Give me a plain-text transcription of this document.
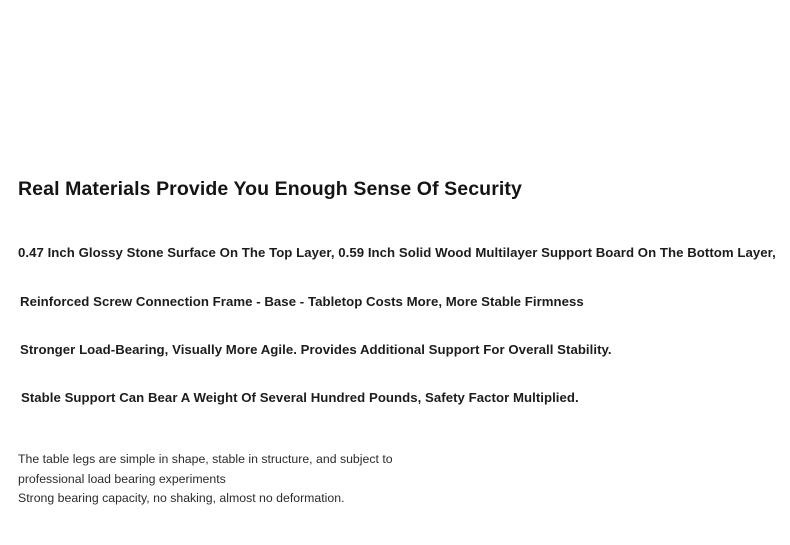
Real Materials Provide You Enough Sense Of Security
0.47 Inch Glossy Stone Surface On The Top Layer, 0.59 Inch Solid Wood Multilayer Support Board On The Bottom Layer,
Reinforced Screw Connection Frame - Base - Tabletop Costs More, More Stable Firmness
Stronger Load-Bearing, Visually More Agile. Provides Additional Support For Overall Stability.
Stable Support Can Bear A Weight Of Several Hundred Pounds, Safety Factor Multiplied.
The table legs are simple in shape, stable in structure, and subject to
professional load bearing experiments
Strong bearing capacity, no shaking, almost no deformation.
